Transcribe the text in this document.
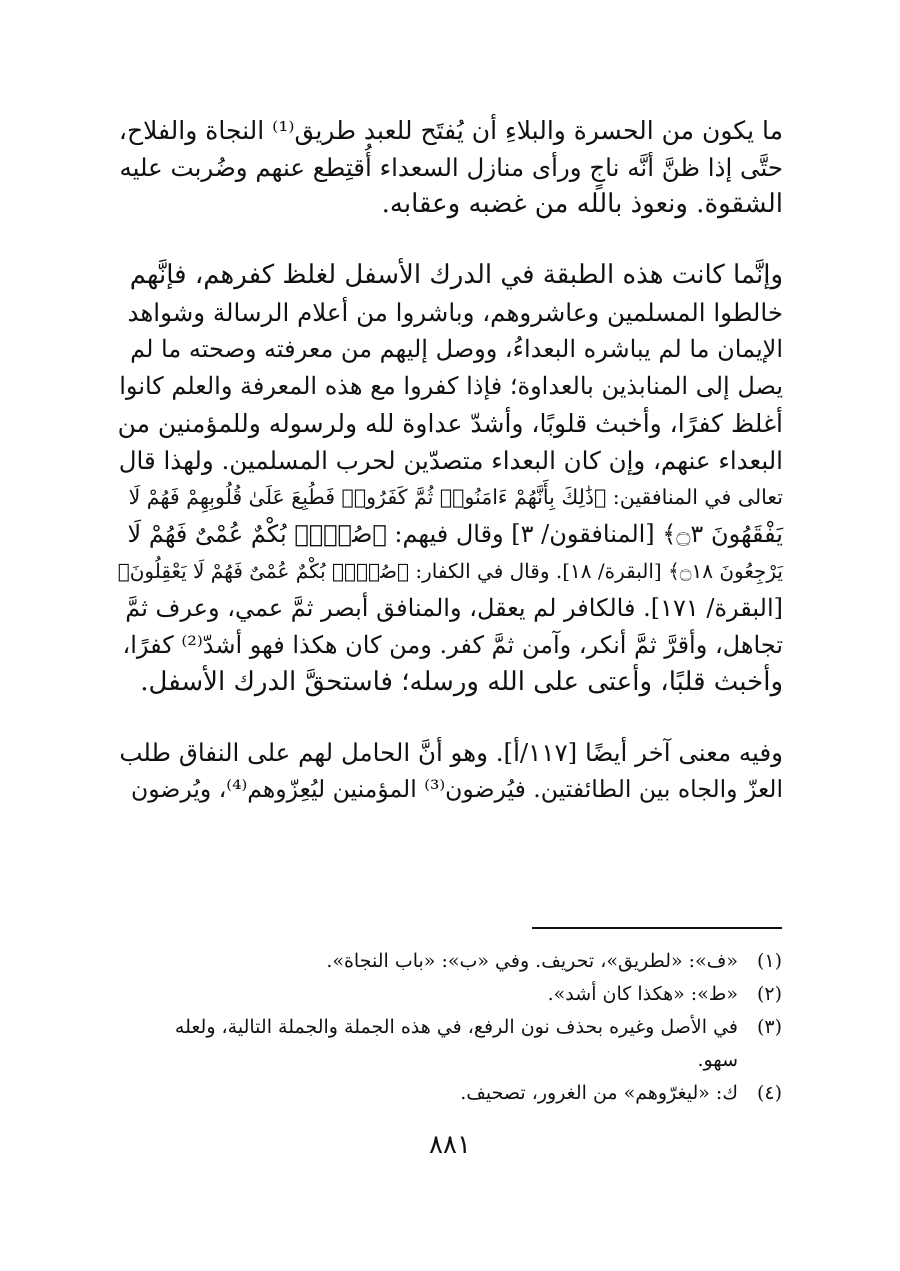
ما يكون من الحسرة والبلاءِ أن يُفتَح للعبد طريق⁽¹⁾ النجاة والفلاح،
حتَّى إذا ظنَّ أنَّه ناجٍ ورأى منازل السعداء أُقتِطع عنهم وضُربت عليه
الشقوة. ونعوذ بالله من غضبه وعقابه.

وإنَّما كانت هذه الطبقة في الدرك الأسفل لغلظ كفرهم، فإنَّهم
خالطوا المسلمين وعاشروهم، وباشروا من أعلام الرسالة وشواهد
الإيمان ما لم يباشره البعداءُ، ووصل إليهم من معرفته وصحته ما لم
يصل إلى المنابذين بالعداوة؛ فإذا كفروا مع هذه المعرفة والعلم كانوا
أغلظ كفرًا، وأخبث قلوبًا، وأشدّ عداوة لله ولرسوله وللمؤمنين من
البعداء عنهم، وإن كان البعداء متصدّين لحرب المسلمين. ولهذا قال
تعالى في المنافقين: ﴿ذَٰلِكَ بِأَنَّهُمْ ءَامَنُوا۟ ثُمَّ كَفَرُوا۟ فَطُبِعَ عَلَىٰ قُلُوبِهِمْ فَهُمْ لَا
يَفْقَهُونَ ۝٣﴾ [المنافقون/ ٣] وقال فيهم: ﴿صُمٌّۢ بُكْمٌ عُمْىٌ فَهُمْ لَا
يَرْجِعُونَ ۝١٨﴾ [البقرة/ ١٨]. وقال في الكفار: ﴿صُمٌّۢ بُكْمٌ عُمْىٌ فَهُمْ لَا يَعْقِلُونَ﴾
[البقرة/ ١٧١]. فالكافر لم يعقل، والمنافق أبصر ثمَّ عمي، وعرف ثمَّ
تجاهل، وأقرَّ ثمَّ أنكر، وآمن ثمَّ كفر. ومن كان هكذا فهو أشدّ⁽²⁾ كفرًا،
وأخبث قلبًا، وأعتى على الله ورسله؛ فاستحقَّ الدرك الأسفل.

وفيه معنى آخر أيضًا [١١٧/أ]. وهو أنَّ الحامل لهم على النفاق طلب
العزّ والجاه بين الطائفتين. فيُرضون⁽³⁾ المؤمنين ليُعِزّوهم⁽⁴⁾، ويُرضون

(١)
«ف»: «لطريق»، تحريف. وفي «ب»: «باب النجاة».
(٢)
«ط»: «هكذا كان أشد».
(٣)
في الأصل وغيره بحذف نون الرفع، في هذه الجملة والجملة التالية، ولعله
سهو.
(٤)
ك: «ليغرّوهم» من الغرور، تصحيف.
٨٨١
